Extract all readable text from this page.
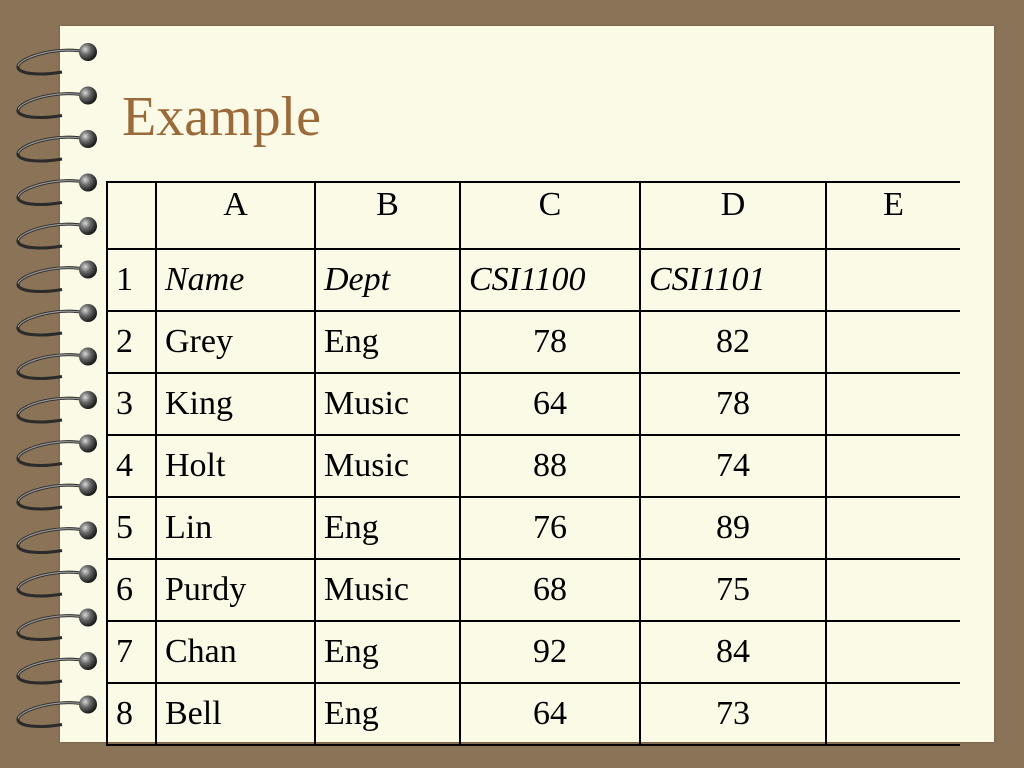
Example
	A	B	C	D	E
1	Name	Dept	CSI1100	CSI1101	
2	Grey	Eng	78	82	
3	King	Music	64	78	
4	Holt	Music	88	74	
5	Lin	Eng	76	89	
6	Purdy	Music	68	75	
7	Chan	Eng	92	84	
8	Bell	Eng	64	73	
